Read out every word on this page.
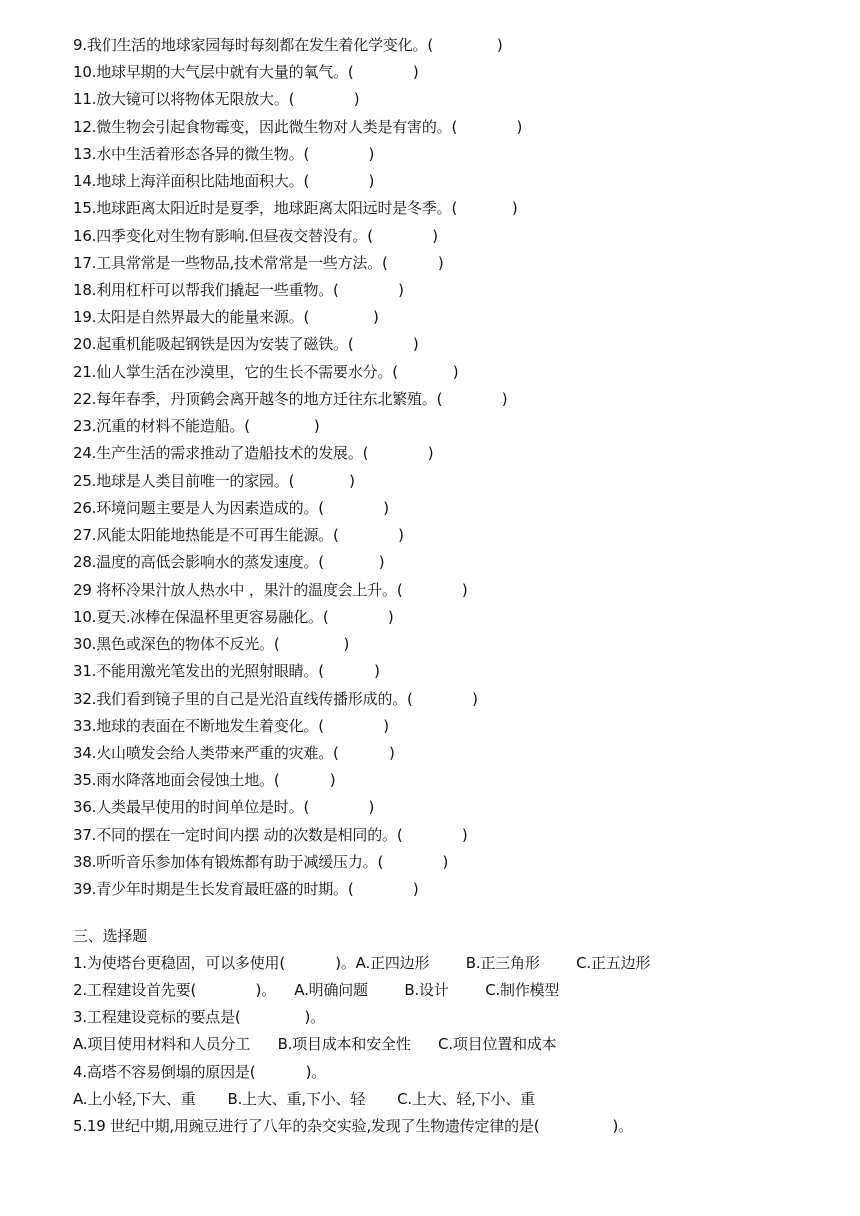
9.我们生活的地球家园每时每刻都在发生着化学变化。(              )
10.地球早期的大气层中就有大量的氧气。(             )
11.放大镜可以将物体无限放大。(             )
12.微生物会引起食物霉变，因此微生物对人类是有害的。(             )
13.水中生活着形态各异的微生物。(             )
14.地球上海洋面积比陆地面积大。(             )
15.地球距离太阳近时是夏季，地球距离太阳远时是冬季。(            )
16.四季变化对生物有影响.但昼夜交替没有。(             )
17.工具常常是一些物品,技术常常是一些方法。(           )
18.利用杠杆可以帮我们撬起一些重物。(             )
19.太阳是自然界最大的能量来源。(              )
20.起重机能吸起钢铁是因为安装了磁铁。(             )
21.仙人掌生活在沙漠里，它的生长不需要水分。(            )
22.每年春季，丹顶鹤会离开越冬的地方迁往东北繁殖。(             )
23.沉重的材料不能造船。(              )
24.生产生活的需求推动了造船技术的发展。(             )
25.地球是人类目前唯一的家园。(            )
26.环境问题主要是人为因素造成的。(             )
27.风能太阳能地热能是不可再生能源。(             )
28.温度的高低会影响水的蒸发速度。(            )
29 将杯冷果汁放人热水中 ，果汁的温度会上升。(             )
10.夏天.冰棒在保温杯里更容易融化。(             )
30.黑色或深色的物体不反光。(              )
31.不能用激光笔发出的光照射眼睛。(           )
32.我们看到镜子里的自己是光沿直线传播形成的。(             )
33.地球的表面在不断地发生着变化。(             )
34.火山喷发会给人类带来严重的灾难。(           )
35.雨水降落地面会侵蚀土地。(           )
36.人类最早使用的时间单位是时。(             )
37.不同的摆在一定时间内摆 动的次数是相同的。(             )
38.听听音乐参加体有锻炼都有助于减缓压力。(             )
39.青少年时期是生长发育最旺盛的时期。(             )
三、选择题
1.为使塔台更稳固，可以多使用(           )。A.正四边形        B.正三角形        C.正五边形
2.工程建设首先要(             )。    A.明确问题        B.设计        C.制作模型
3.工程建设竞标的要点是(              )。
A.项目使用材料和人员分工      B.项目成本和安全性      C.项目位置和成本
4.高塔不容易倒塌的原因是(           )。
A.上小轻,下大、重       B.上大、重,下小、轻       C.上大、轻,下小、重
5.19 世纪中期,用豌豆进行了八年的杂交实验,发现了生物遗传定律的是(                )。
